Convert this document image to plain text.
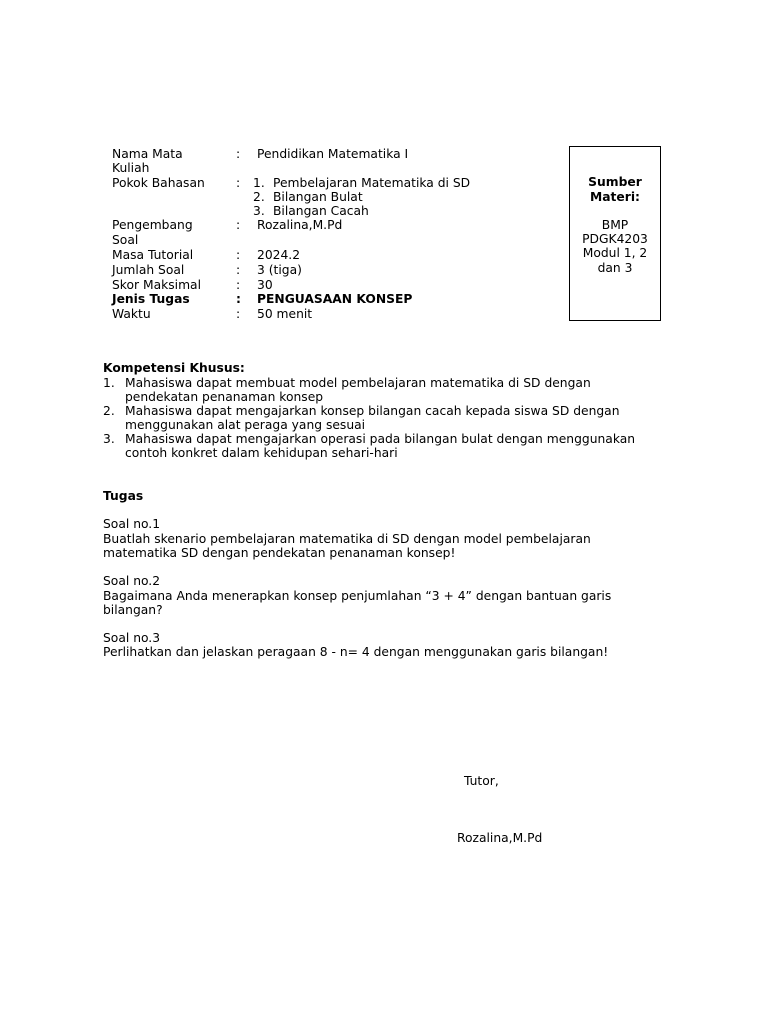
Nama Mata
Kuliah
: Pendidikan Matematika I
Pokok Bahasan	: 1. Pembelajaran Matematika di SD
2. Bilangan Bulat
3. Bilangan Cacah
Pengembang
Soal
: Rozalina,M.Pd
Masa Tutorial	: 2024.2
Jumlah Soal	: 3 (tiga)
Skor Maksimal	: 30
Jenis Tugas	: PENGUASAAN KONSEP
Waktu	: 50 menit
Sumber
Materi:
BMP
PDGK4203
Modul 1, 2
dan 3
Kompetensi Khusus:
1. Mahasiswa dapat membuat model pembelajaran matematika di SD dengan
pendekatan penanaman konsep
2. Mahasiswa dapat mengajarkan konsep bilangan cacah kepada siswa SD dengan
menggunakan alat peraga yang sesuai
3. Mahasiswa dapat mengajarkan operasi pada bilangan bulat dengan menggunakan
contoh konkret dalam kehidupan sehari-hari
Tugas
Soal no.1
Buatlah skenario pembelajaran matematika di SD dengan model pembelajaran
matematika SD dengan pendekatan penanaman konsep!
Soal no.2
Bagaimana Anda menerapkan konsep penjumlahan “3 + 4” dengan bantuan garis
bilangan?
Soal no.3
Perlihatkan dan jelaskan peragaan 8 - n= 4 dengan menggunakan garis bilangan!
Tutor,
Rozalina,M.Pd
